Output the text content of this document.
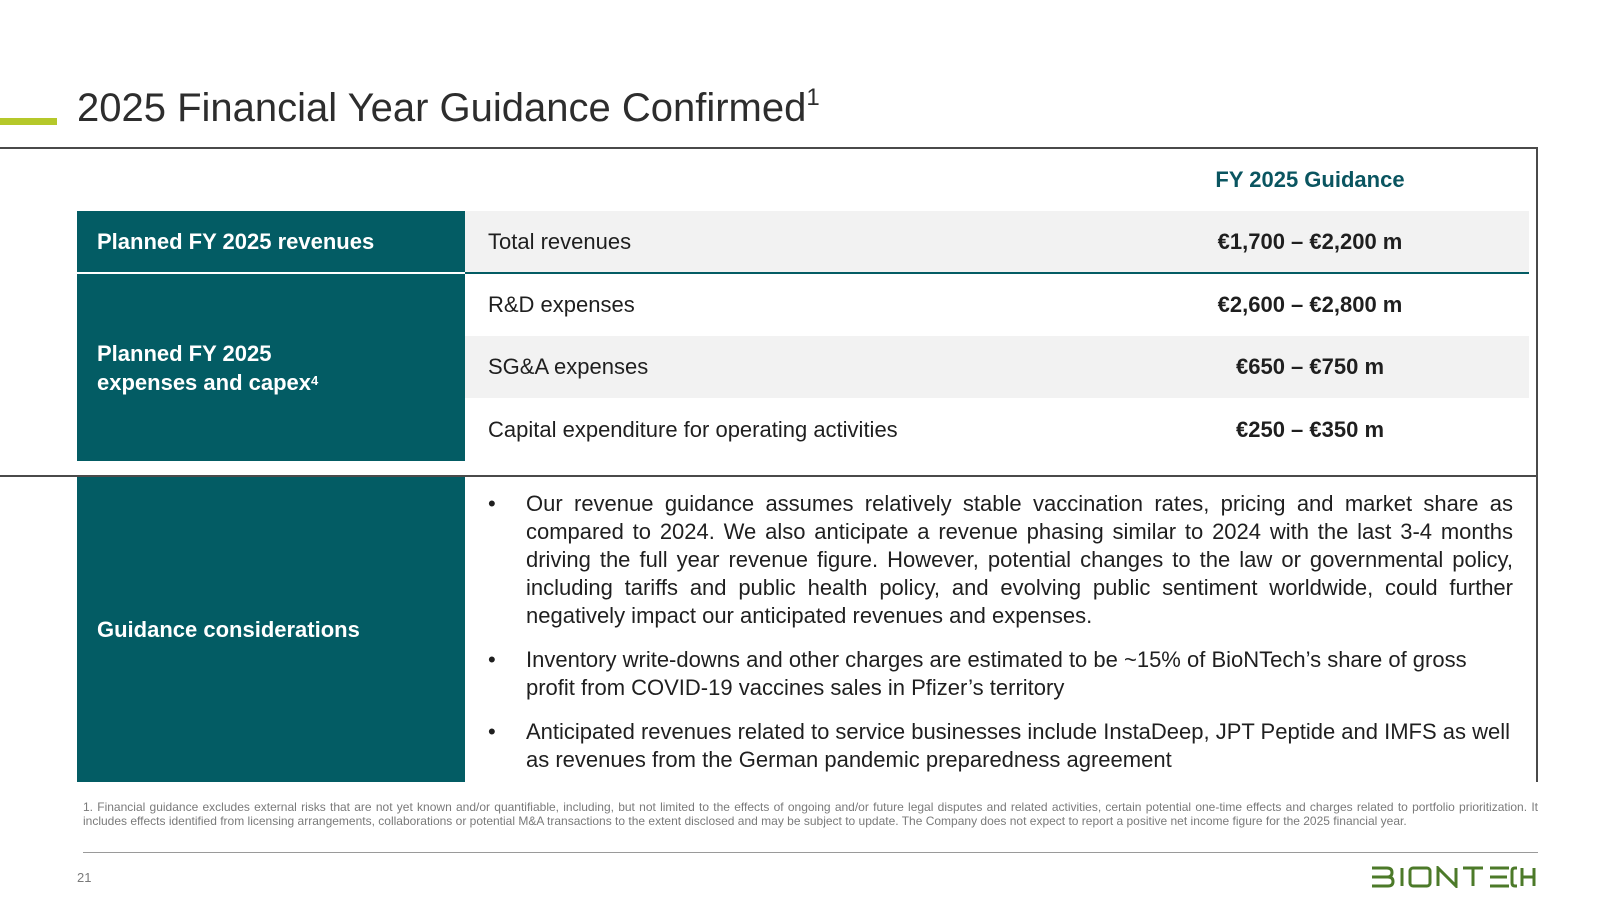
2025 Financial Year Guidance Confirmed$^1$
FY 2025 Guidance
Planned FY 2025 revenues	Total revenues	€1,700 – €2,200 m
Planned FY 2025
expenses and capex$^4$
R&D expenses	€2,600 – €2,800 m
SG&A expenses	€650 – €750 m
Capital expenditure for operating activities	€250 – €350 m
Guidance considerations
• Our revenue guidance assumes relatively stable vaccination rates, pricing and market share as compared to 2024. We also anticipate a revenue phasing similar to 2024 with the last 3-4 months driving the full year revenue figure. However, potential changes to the law or governmental policy, including tariffs and public health policy, and evolving public sentiment worldwide, could further negatively impact our anticipated revenues and expenses.
• Inventory write-downs and other charges are estimated to be ~15% of BioNTech’s share of gross profit from COVID-19 vaccines sales in Pfizer’s territory
• Anticipated revenues related to service businesses include InstaDeep, JPT Peptide and IMFS as well as revenues from the German pandemic preparedness agreement
1. Financial guidance excludes external risks that are not yet known and/or quantifiable, including, but not limited to the effects of ongoing and/or future legal disputes and related activities, certain potential one-time effects and charges related to portfolio prioritization. It includes effects identified from licensing arrangements, collaborations or potential M&A transactions to the extent disclosed and may be subject to update. The Company does not expect to report a positive net income figure for the 2025 financial year.
21
